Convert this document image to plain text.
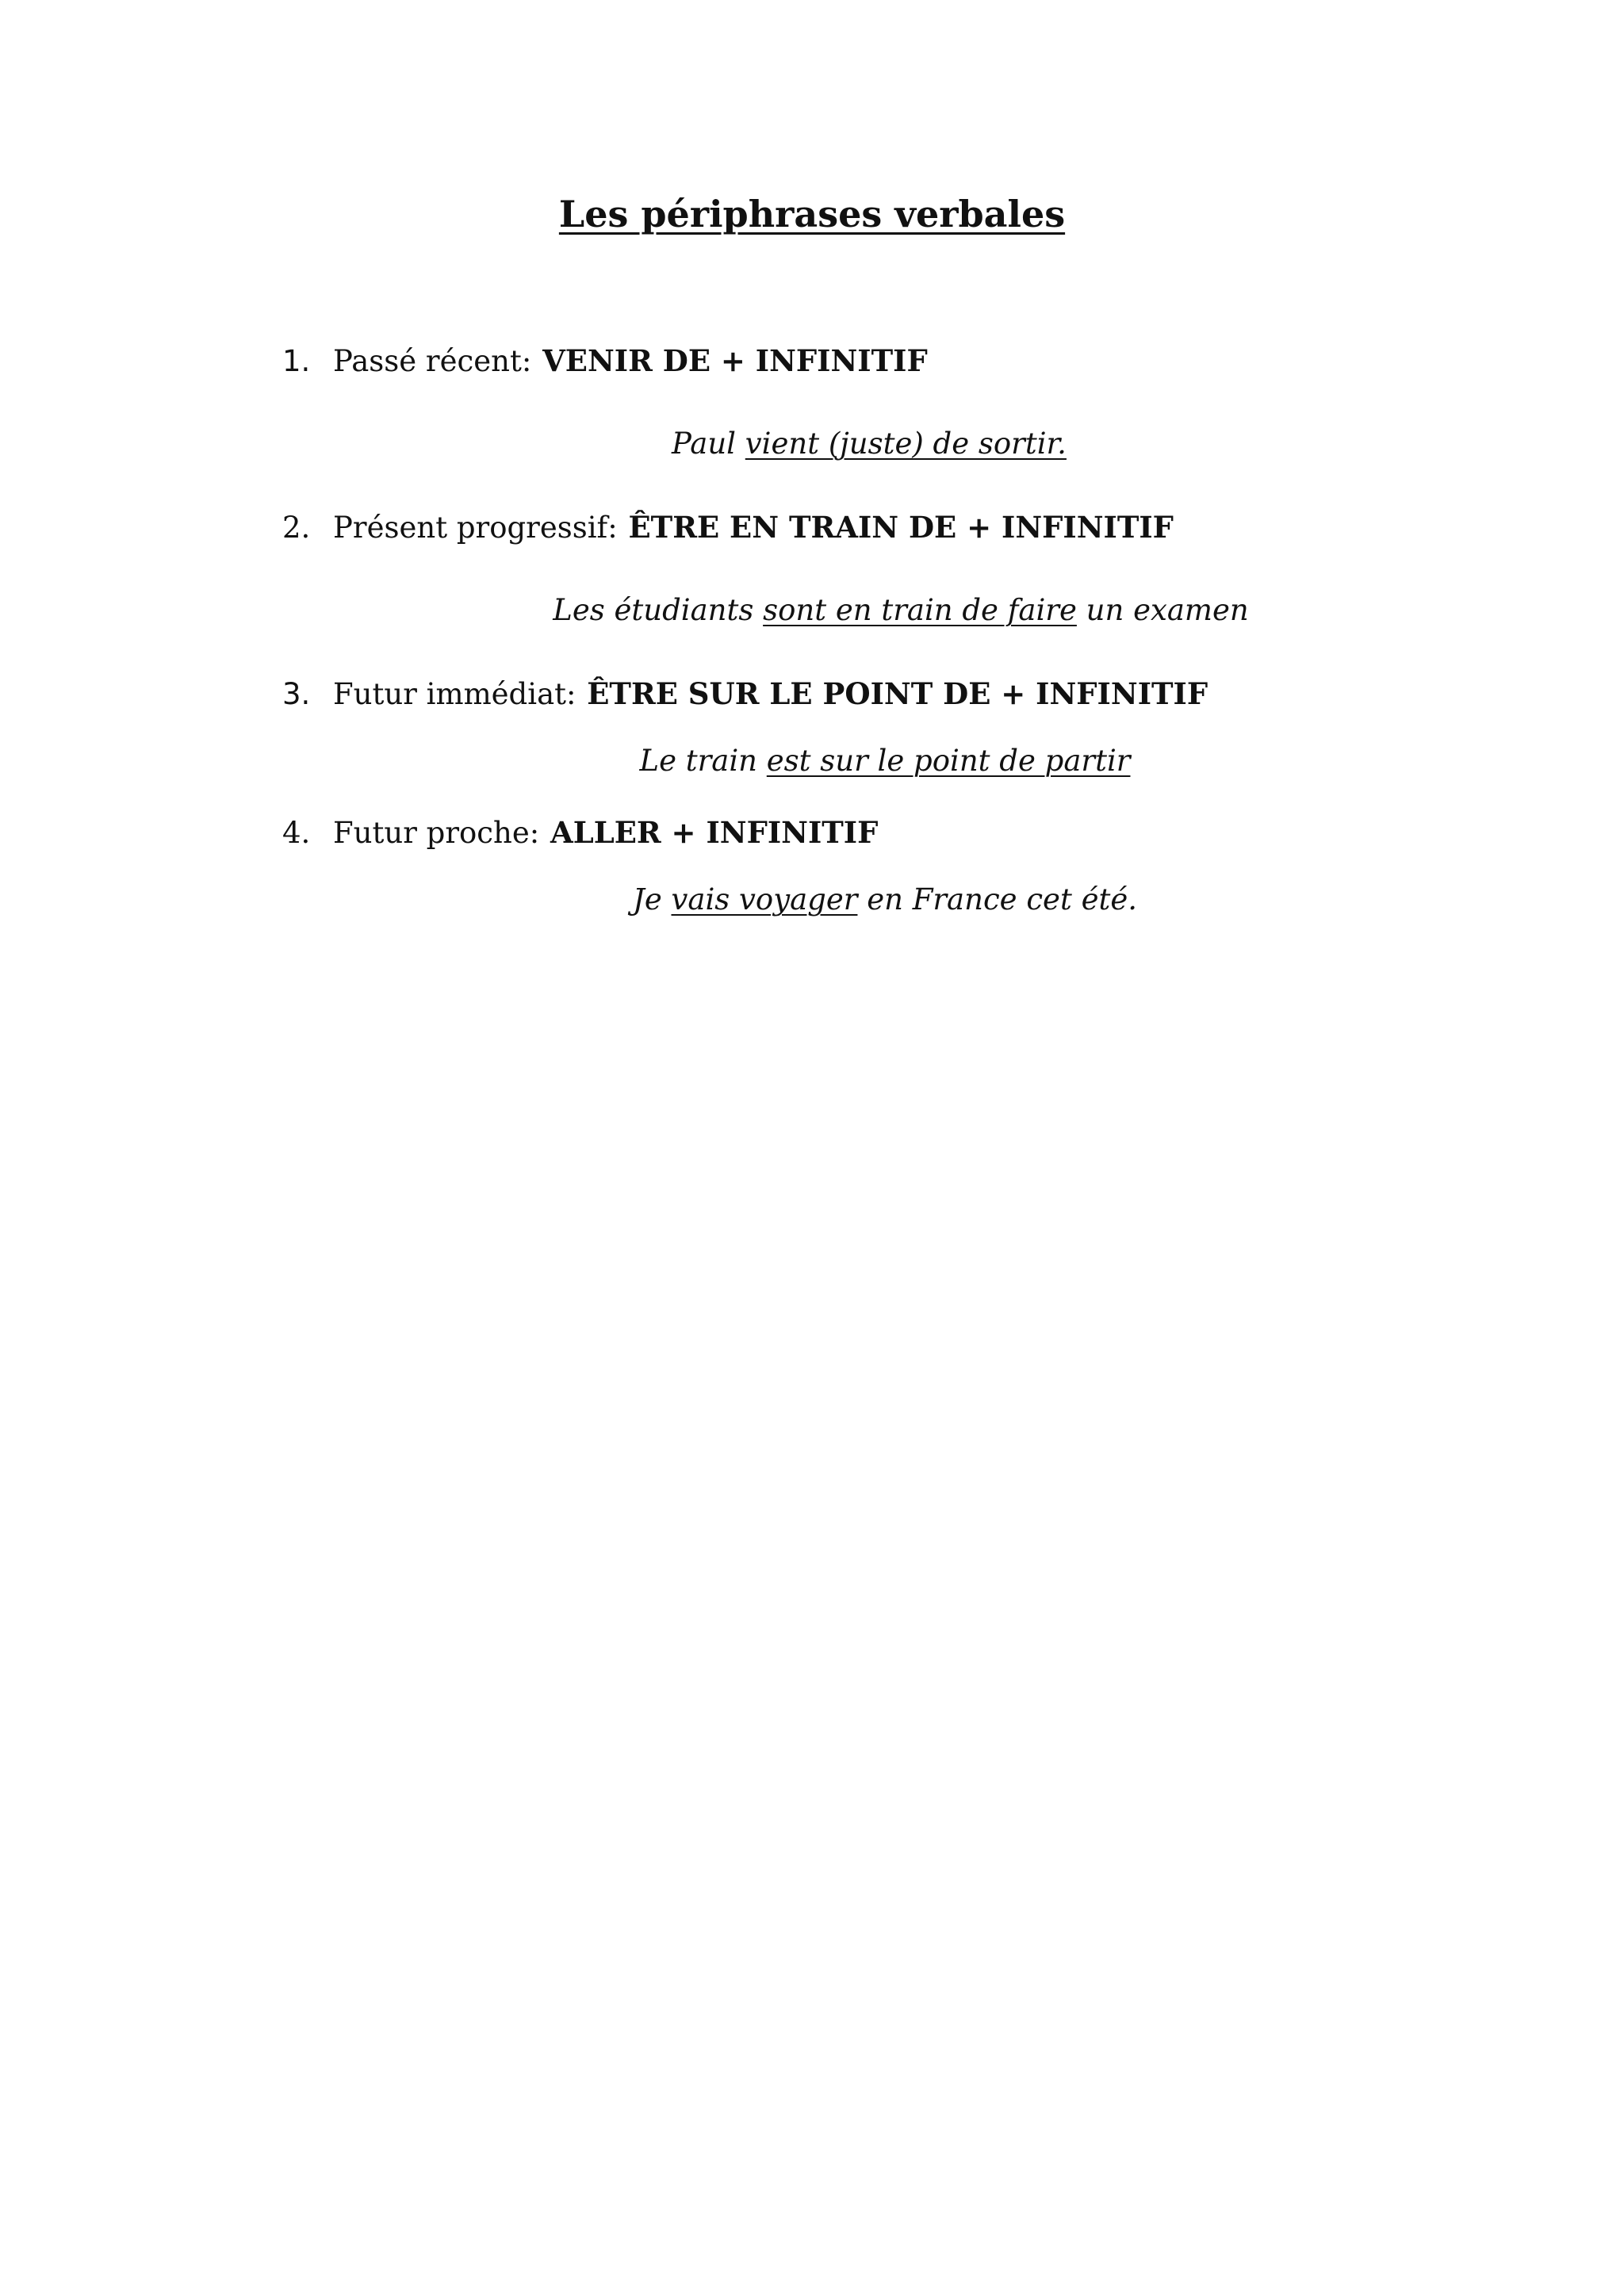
Les périphrases verbales
1. Passé récent: VENIR DE + INFINITIF
Paul vient (juste) de sortir.
2. Présent progressif: ÊTRE EN TRAIN DE + INFINITIF
Les étudiants sont en train de faire un examen
3. Futur immédiat: ÊTRE SUR LE POINT DE + INFINITIF
Le train est sur le point de partir
4. Futur proche: ALLER + INFINITIF
Je vais voyager en France cet été.
